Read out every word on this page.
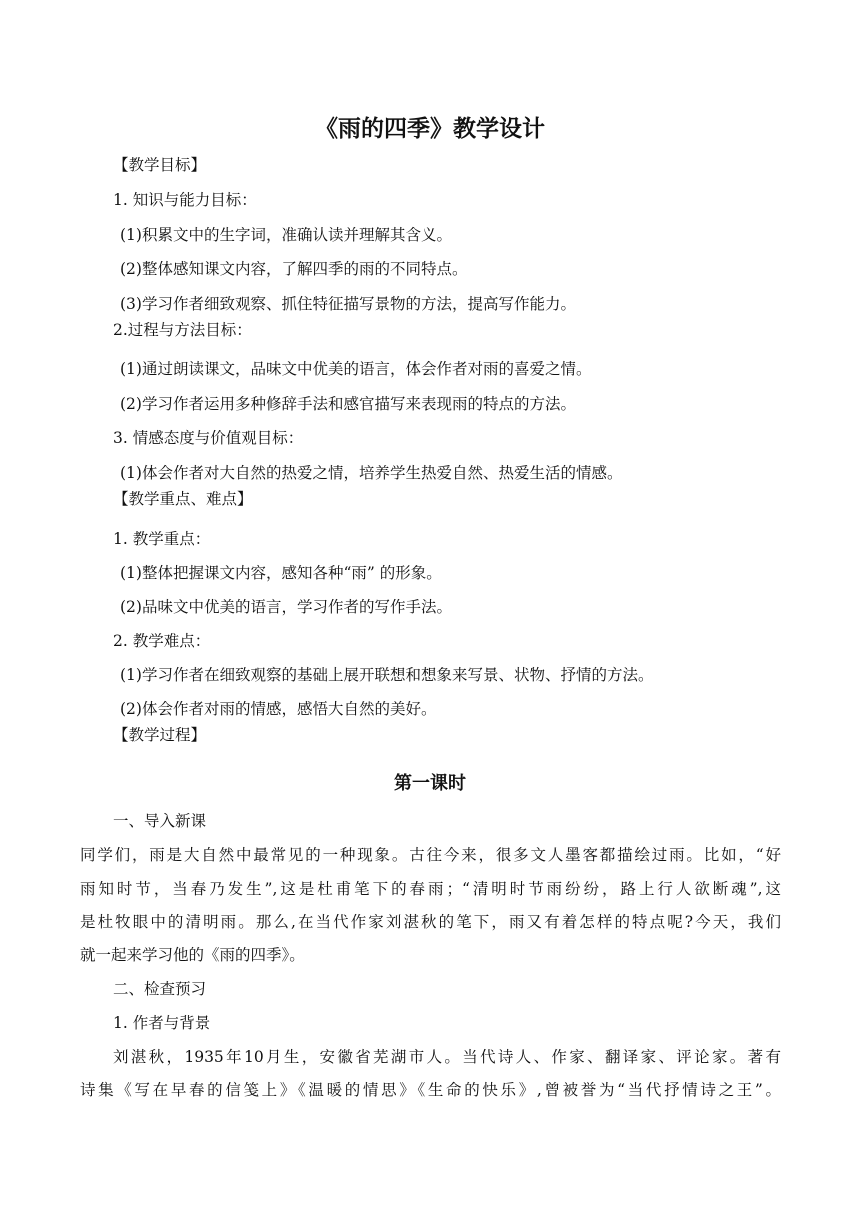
《雨的四季》教学设计
【教学目标】
1. 知识与能力目标：
(1)积累文中的生字词，准确认读并理解其含义。
(2)整体感知课文内容，了解四季的雨的不同特点。
(3)学习作者细致观察、抓住特征描写景物的方法，提高写作能力。
2.过程与方法目标：
(1)通过朗读课文，品味文中优美的语言，体会作者对雨的喜爱之情。
(2)学习作者运用多种修辞手法和感官描写来表现雨的特点的方法。
3. 情感态度与价值观目标：
(1)体会作者对大自然的热爱之情，培养学生热爱自然、热爱生活的情感。
【教学重点、难点】
1. 教学重点：
(1)整体把握课文内容，感知各种“雨” 的形象。
(2)品味文中优美的语言，学习作者的写作手法。
2. 教学难点：
(1)学习作者在细致观察的基础上展开联想和想象来写景、状物、抒情的方法。
(2)体会作者对雨的情感，感悟大自然的美好。
【教学过程】
第一课时
一、导入新课
同学们，雨是大自然中最常见的一种现象。古往今来，很多文人墨客都描绘过雨。比如，“好
雨知时节，当春乃发生”,这是杜甫笔下的春雨；“清明时节雨纷纷，路上行人欲断魂”,这
是杜牧眼中的清明雨。那么,在当代作家刘湛秋的笔下，雨又有着怎样的特点呢?今天，我们
就一起来学习他的《雨的四季》。
二、检查预习
1. 作者与背景
刘湛秋，1935年10月生，安徽省芜湖市人。当代诗人、作家、翻译家、评论家。著有
诗集《写在早春的信笺上》《温暖的情思》《生命的快乐》,曾被誉为“当代抒情诗之王”。
